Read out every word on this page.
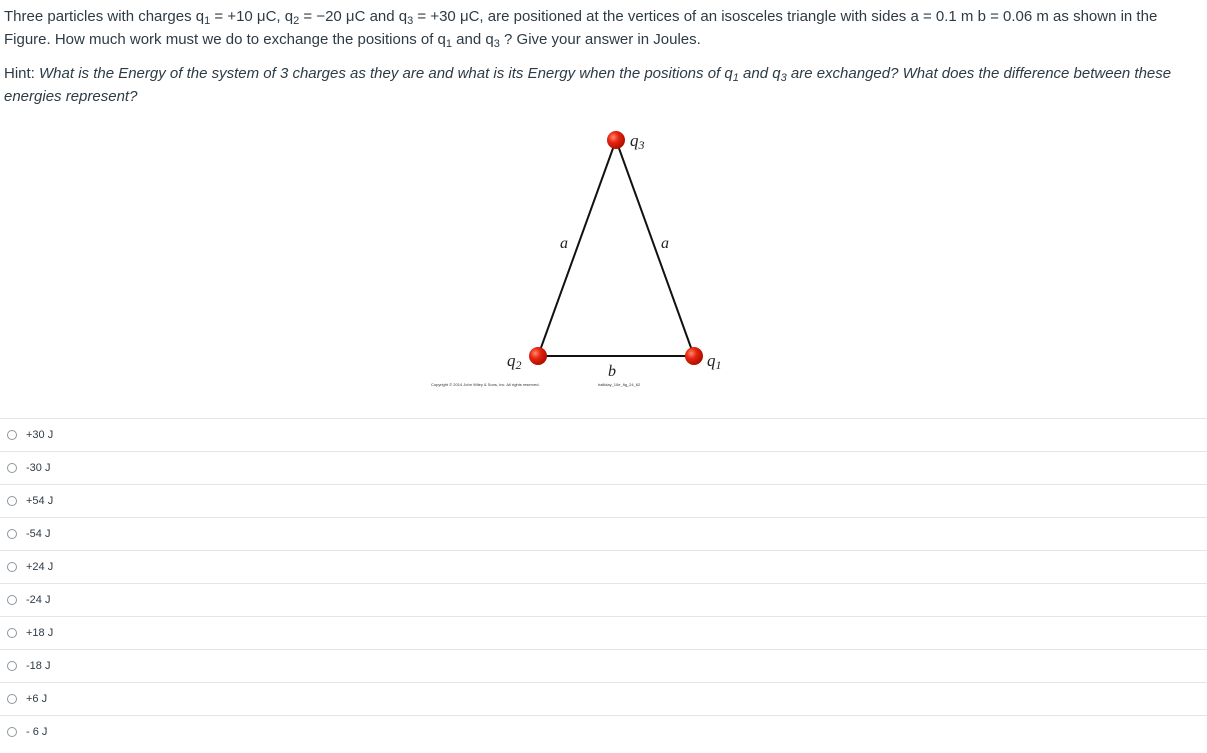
Three particles with charges $q_1 = +10$ μC, $q_2 = -20$ μC and $q_3 = +30$ μC, are positioned at the vertices of an isosceles triangle with sides a = 0.1 m b = 0.06 m as shown in the Figure. How much work must we do to exchange the positions of $q_1$ and $q_3$ ? Give your answer in Joules.
Hint: What is the Energy of the system of 3 charges as they are and what is its Energy when the positions of $q_1$ and $q_3$ are exchanged? What does the difference between these energies represent?
q3
q2	q1
a	a
b
Copyright © 2014 John Wiley & Sons, Inc. All rights reserved.	halliday_10e_fig_24_62
+30 J
-30 J
+54 J
-54 J
+24 J
-24 J
+18 J
-18 J
+6 J
- 6 J
